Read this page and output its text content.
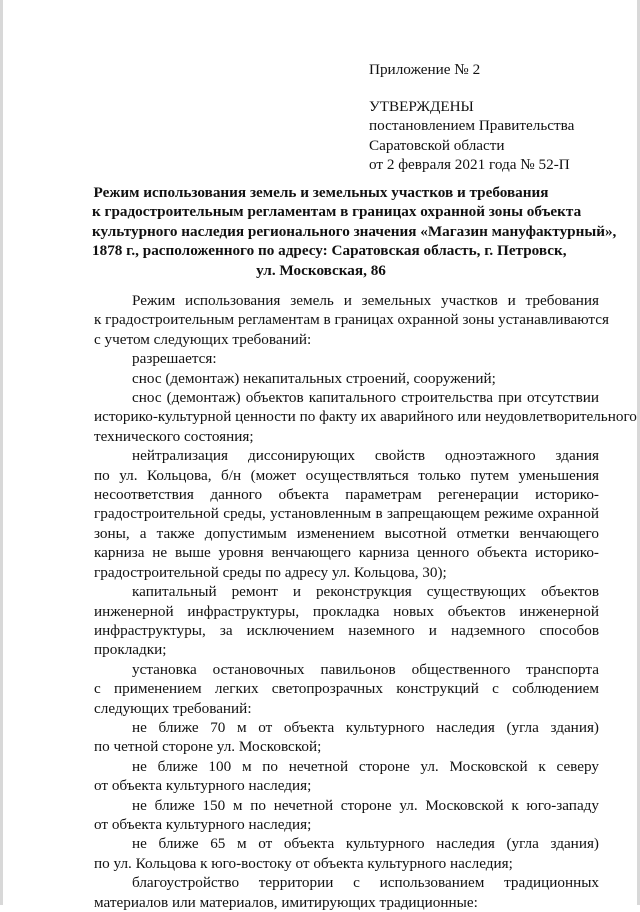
Приложение № 2
УТВЕРЖДЕНЫ
постановлением Правительства
Саратовской области
от 2 февраля 2021 года № 52-П
Режим использования земель и земельных участков и требования
к градостроительным регламентам в границах охранной зоны объекта
культурного наследия регионального значения «Магазин мануфактурный»,
1878 г., расположенного по адресу: Саратовская область, г. Петровск,
ул. Московская, 86
Режим использования земель и земельных участков и требования
к градостроительным регламентам в границах охранной зоны устанавливаются
с учетом следующих требований:
разрешается:
снос (демонтаж) некапитальных строений, сооружений;
снос (демонтаж) объектов капитального строительства при отсутствии
историко-культурной ценности по факту их аварийного или неудовлетворительного
технического состояния;
нейтрализация диссонирующих свойств одноэтажного здания
по ул. Кольцова, б/н (может осуществляться только путем уменьшения
несоответствия данного объекта параметрам регенерации историко-
градостроительной среды, установленным в запрещающем режиме охранной
зоны, а также допустимым изменением высотной отметки венчающего
карниза не выше уровня венчающего карниза ценного объекта историко-
градостроительной среды по адресу ул. Кольцова, 30);
капитальный ремонт и реконструкция существующих объектов
инженерной инфраструктуры, прокладка новых объектов инженерной
инфраструктуры, за исключением наземного и надземного способов
прокладки;
установка остановочных павильонов общественного транспорта
с применением легких светопрозрачных конструкций с соблюдением
следующих требований:
не ближе 70 м от объекта культурного наследия (угла здания)
по четной стороне ул. Московской;
не ближе 100 м по нечетной стороне ул. Московской к северу
от объекта культурного наследия;
не ближе 150 м по нечетной стороне ул. Московской к юго-западу
от объекта культурного наследия;
не ближе 65 м от объекта культурного наследия (угла здания)
по ул. Кольцова к юго-востоку от объекта культурного наследия;
благоустройство территории с использованием традиционных
материалов или материалов, имитирующих традиционные:
